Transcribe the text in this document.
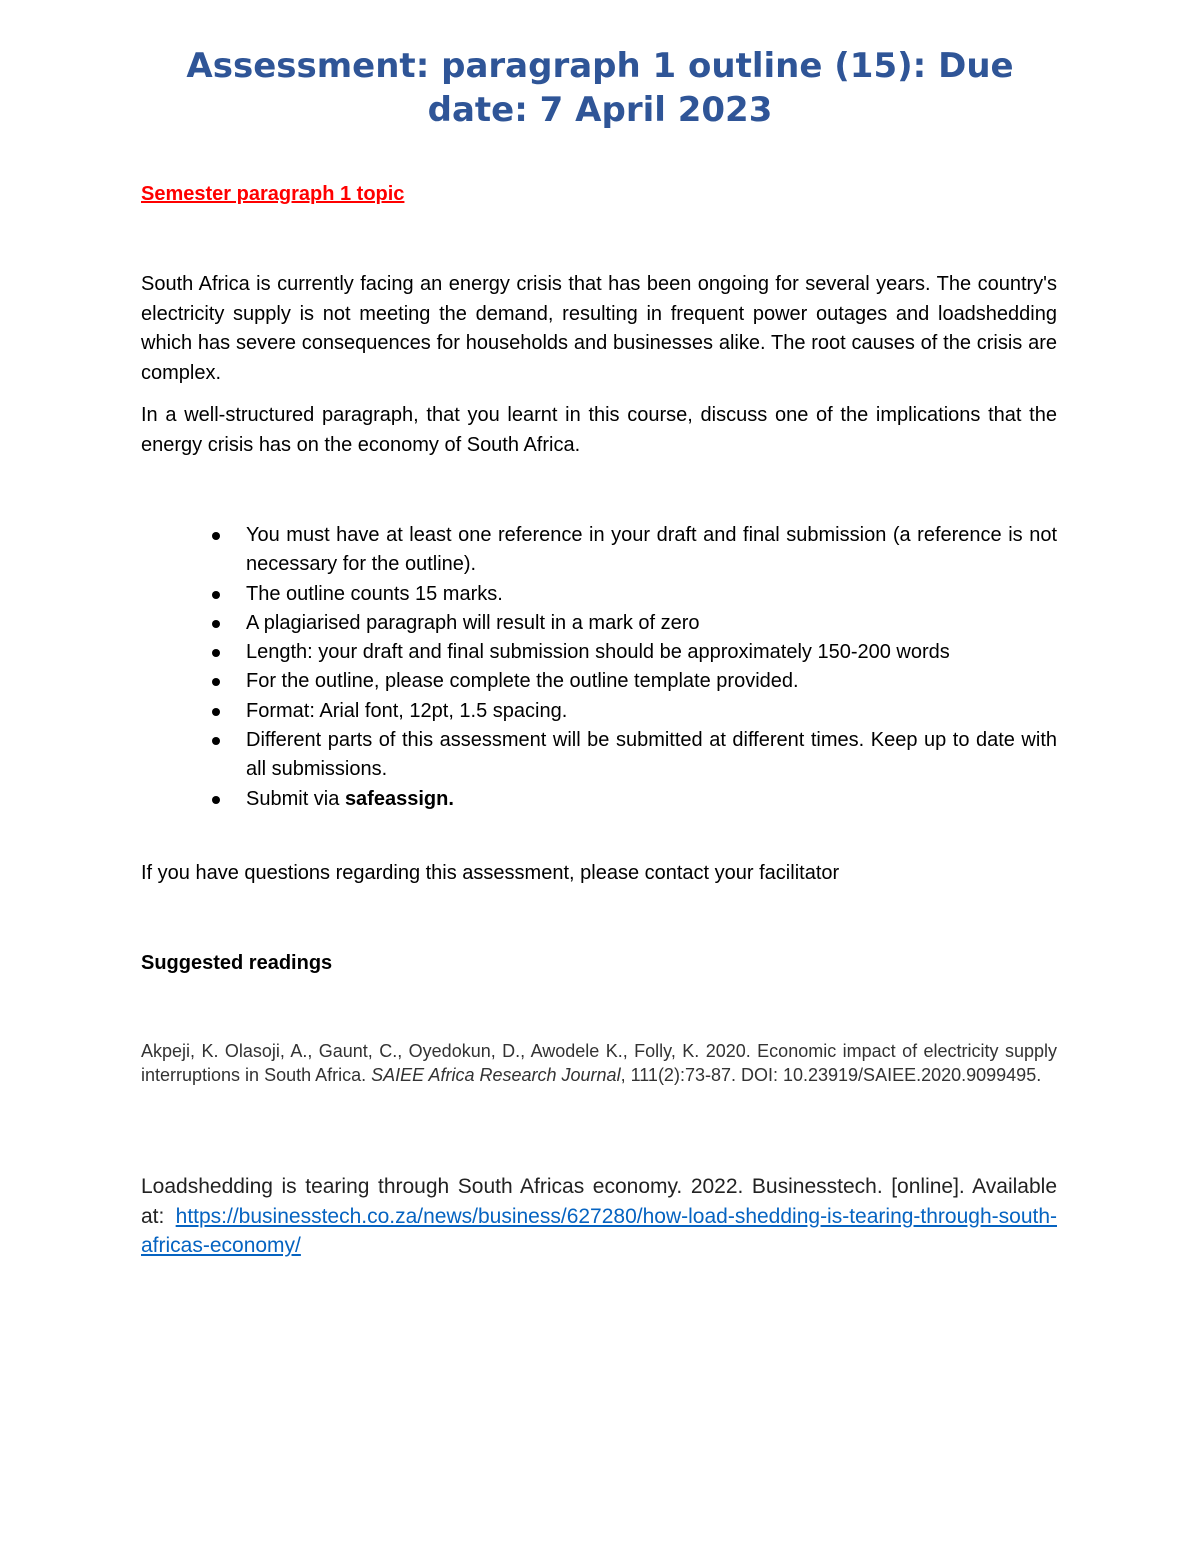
Assessment: paragraph 1 outline (15): Due date: 7 April 2023

Semester paragraph 1 topic

South Africa is currently facing an energy crisis that has been ongoing for several years. The country's electricity supply is not meeting the demand, resulting in frequent power outages and loadshedding which has severe consequences for households and businesses alike. The root causes of the crisis are complex.

In a well-structured paragraph, that you learnt in this course, discuss one of the implications that the energy crisis has on the economy of South Africa.

You must have at least one reference in your draft and final submission (a reference is not necessary for the outline).
The outline counts 15 marks.
A plagiarised paragraph will result in a mark of zero
Length: your draft and final submission should be approximately 150-200 words
For the outline, please complete the outline template provided.
Format: Arial font, 12pt, 1.5 spacing.
Different parts of this assessment will be submitted at different times. Keep up to date with all submissions.
Submit via safeassign.

If you have questions regarding this assessment, please contact your facilitator

Suggested readings

Akpeji, K. Olasoji, A., Gaunt, C., Oyedokun, D., Awodele K., Folly, K. 2020. Economic impact of electricity supply interruptions in South Africa. SAIEE Africa Research Journal, 111(2):73-87. DOI: 10.23919/SAIEE.2020.9099495.

Loadshedding is tearing through South Africas economy. 2022. Businesstech. [online]. Available at: https://businesstech.co.za/news/business/627280/how-load-shedding-is-tearing-through-south-africas-economy/
